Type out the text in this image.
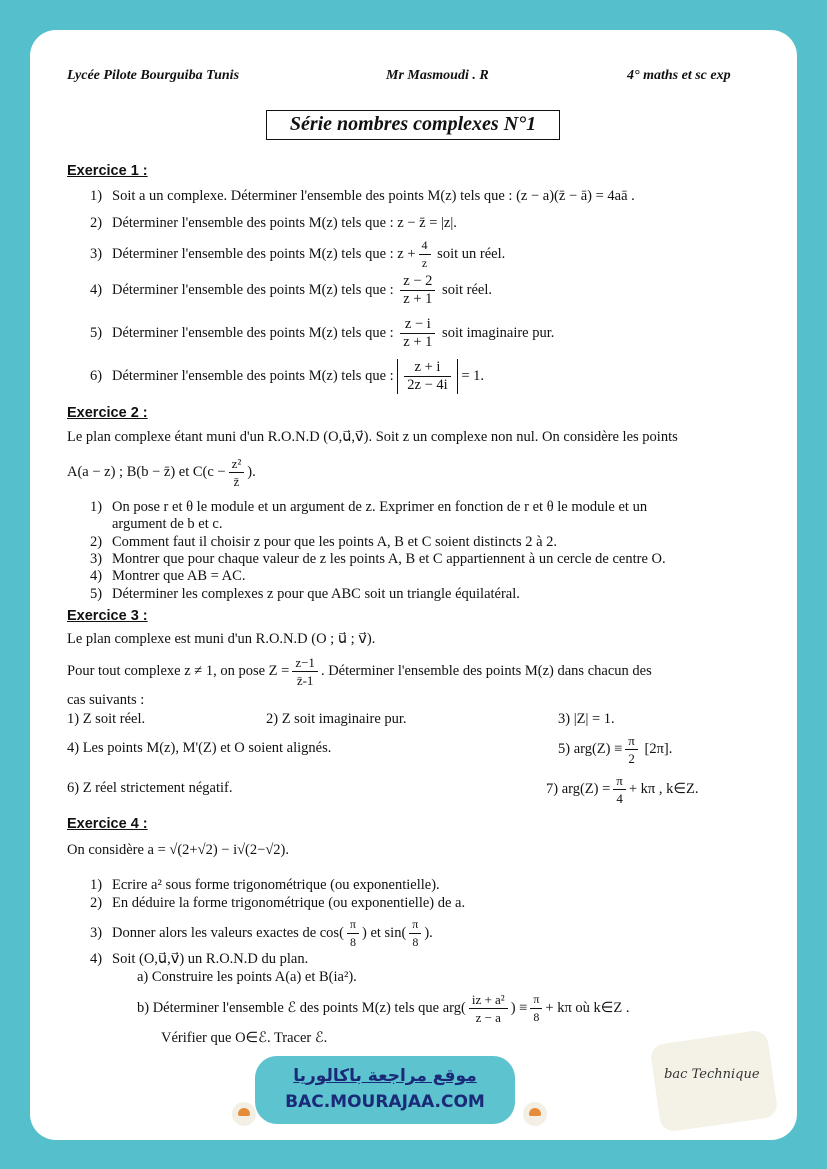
Lycée Pilote Bourguiba Tunis	Mr Masmoudi . R	4° maths et sc exp
Série nombres complexes N°1
Exercice 1 :
1) Soit a un complexe. Déterminer l'ensemble des points M(z) tels que : (z − a)(z̄ − ā) = 4aā .
2) Déterminer l'ensemble des points M(z) tels que : z − z̄ = |z|.
3) Déterminer l'ensemble des points M(z) tels que : $z + \frac{4}{z}$ soit un réel.
4) Déterminer l'ensemble des points M(z) tels que : $\frac{z - 2}{z + 1}$ soit réel.
5) Déterminer l'ensemble des points M(z) tels que : $\frac{z - i}{z + 1}$ soit imaginaire pur.
6) Déterminer l'ensemble des points M(z) tels que : $\frac{z + i}{2z - 4i} = 1$.
Exercice 2 :
Le plan complexe étant muni d'un R.O.N.D (O,u⃗,v⃗). Soit z un complexe non nul. On considère les points
A(a − z) ; B(b − z̄) et $C(c - \frac{\text{z²}}{z̄}$ ).
1) On pose r et θ le module et un argument de z. Exprimer en fonction de r et θ le module et un
argument de b et c.
2) Comment faut il choisir z pour que les points A, B et C soient distincts 2 à 2.
3) Montrer que pour chaque valeur de z les points A, B et C appartiennent à un cercle de centre O.
4) Montrer que AB = AC.
5) Déterminer les complexes z pour que ABC soit un triangle équilatéral.
Exercice 3 :
Le plan complexe est muni d'un R.O.N.D (O ; u⃗ ; v⃗).
Pour tout complexe z ≠ 1, on pose $Z = \frac{z-1}{z̄-1}$ . Déterminer l'ensemble des points M(z) dans chacun des
cas suivants :
1) Z soit réel.	2) Z soit imaginaire pur.	3) |Z| = 1.
4) Les points M(z), M'(Z) et O soient alignés.	5) $arg(Z) \equiv \frac{\pi}{2} [2\pi]$.
6) Z réel strictement négatif.	7) $arg(Z) = \frac{\pi}{4} + k\pi$ , k∈Z.
Exercice 4 :
On considère a = √(2+√2) − i√(2−√2).
1) Ecrire a² sous forme trigonométrique (ou exponentielle).
2) En déduire la forme trigonométrique (ou exponentielle) de a.
3) Donner alors les valeurs exactes de $\cos( \frac{\pi}{8}$ ) et $\sin( \frac{\pi}{8}$ ).
4) Soit (O,u⃗,v⃗) un R.O.N.D du plan.
a) Construire les points A(a) et B(ia²).
b) Déterminer l'ensemble ℰ des points M(z) tels que $arg( \frac{\text{iz + a²}}{z - a}$ ) ≡ $\frac{\pi}{8} + k\pi$ où k∈Z .
Vérifier que O∈ℰ. Tracer ℰ.
موقع مراجعة باكالوريا
BAC.MOURAJAA.COM
bac Technique
